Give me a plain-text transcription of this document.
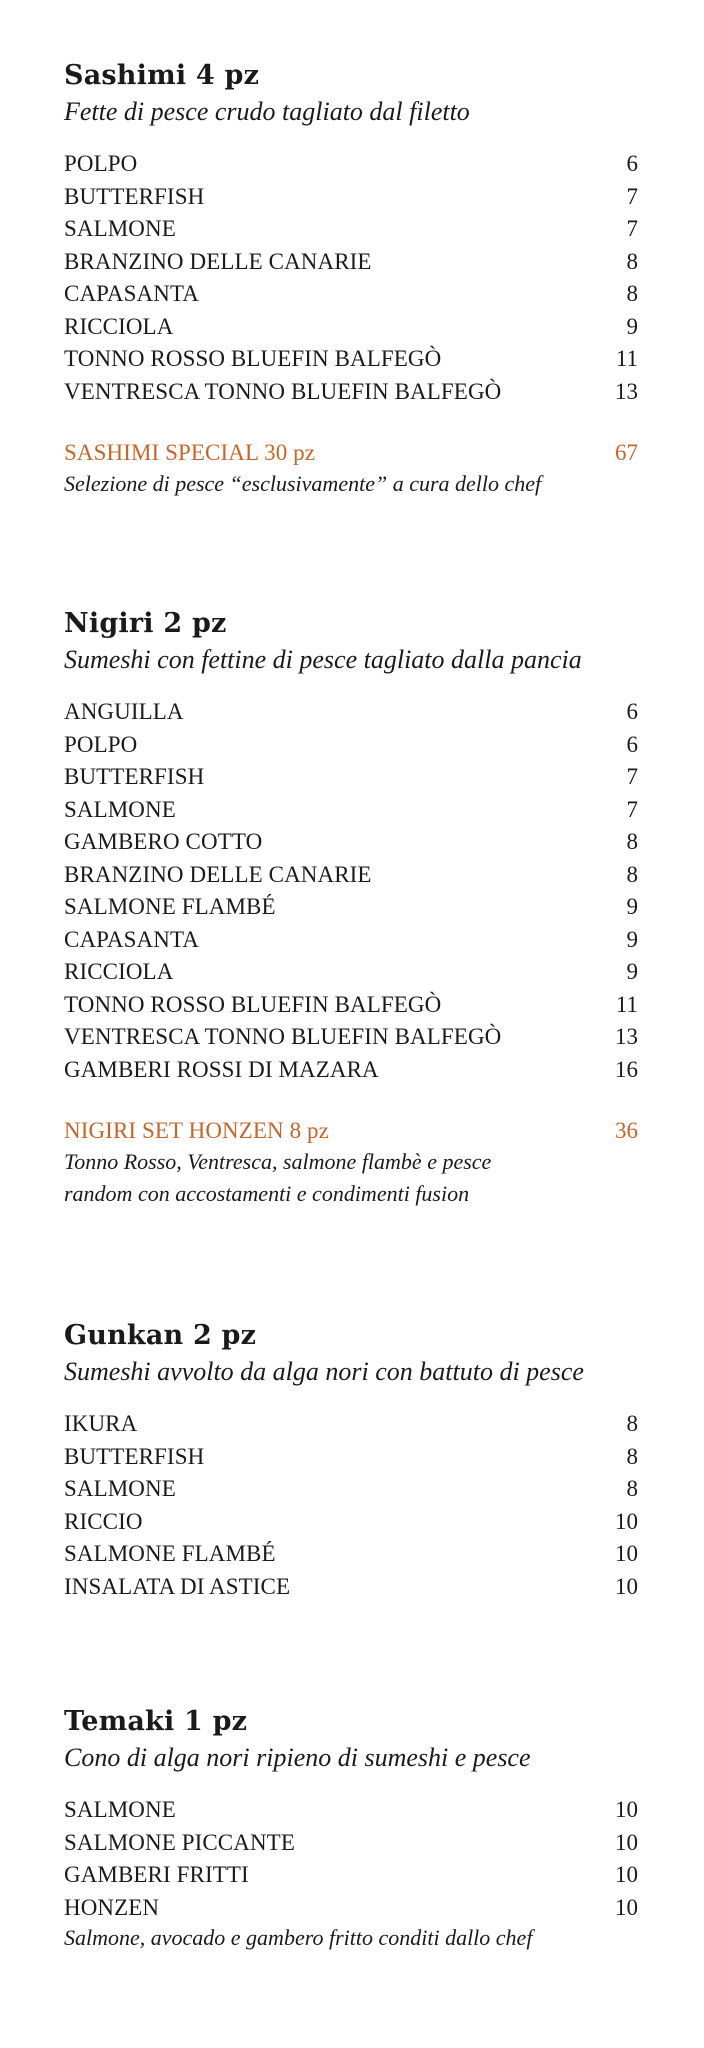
Sashimi 4 pz

Fette di pesce crudo tagliato dal filetto

POLPO	6
BUTTERFISH	7
SALMONE	7
BRANZINO DELLE CANARIE	8
CAPASANTA	8
RICCIOLA	9
TONNO ROSSO BLUEFIN BALFEGÒ	11
VENTRESCA TONNO BLUEFIN BALFEGÒ	13
SASHIMI SPECIAL 30 pz	67
Selezione di pesce “esclusivamente” a cura dello chef
Nigiri 2 pz

Sumeshi con fettine di pesce tagliato dalla pancia

ANGUILLA	6
POLPO	6
BUTTERFISH	7
SALMONE	7
GAMBERO COTTO	8
BRANZINO DELLE CANARIE	8
SALMONE FLAMBÉ	9
CAPASANTA	9
RICCIOLA	9
TONNO ROSSO BLUEFIN BALFEGÒ	11
VENTRESCA TONNO BLUEFIN BALFEGÒ	13
GAMBERI ROSSI DI MAZARA	16
NIGIRI SET HONZEN 8 pz	36
Tonno Rosso, Ventresca, salmone flambè e pesce
random con accostamenti e condimenti fusion
Gunkan 2 pz

Sumeshi avvolto da alga nori con battuto di pesce

IKURA	8
BUTTERFISH	8
SALMONE	8
RICCIO	10
SALMONE FLAMBÉ	10
INSALATA DI ASTICE	10
Temaki 1 pz

Cono di alga nori ripieno di sumeshi e pesce

SALMONE	10
SALMONE PICCANTE	10
GAMBERI FRITTI	10
HONZEN	10
Salmone, avocado e gambero fritto conditi dallo chef
